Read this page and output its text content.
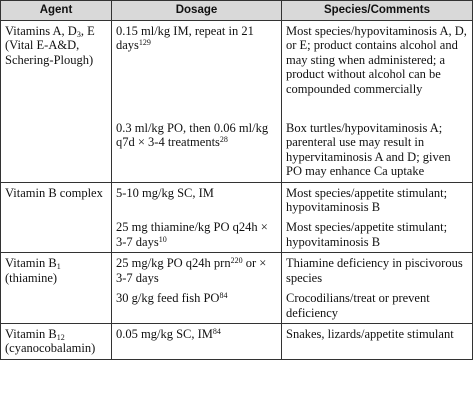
Agent	Dosage	Species/Comments
Vitamins A, $D_3$, E (Vital E-A&D, Schering-Plough)	0.15 ml/kg IM, repeat in 21 days$^{129}$	Most species/hypovitaminosis A, D, or E; product contains alcohol and may sting when administered; a product without alcohol can be compounded commercially
	0.3 ml/kg PO, then 0.06 ml/kg q7d × 3-4 treatments$^{28}$	Box turtles/hypovitaminosis A; parenteral use may result in hypervitaminosis A and D; given PO may enhance Ca uptake
Vitamin B complex	5-10 mg/kg SC, IM	Most species/appetite stimulant; hypovitaminosis B
	25 mg thiamine/kg PO q24h × 3-7 days$^{10}$	Most species/appetite stimulant; hypovitaminosis B
Vitamin $B_1$ (thiamine)	25 mg/kg PO q24h prn$^{220}$ or × 3-7 days	Thiamine deficiency in piscivorous species
	30 g/kg feed fish PO$^{84}$	Crocodilians/treat or prevent deficiency
Vitamin $B_{12}$ (cyanocobalamin)	0.05 mg/kg SC, IM$^{84}$	Snakes, lizards/appetite stimulant
